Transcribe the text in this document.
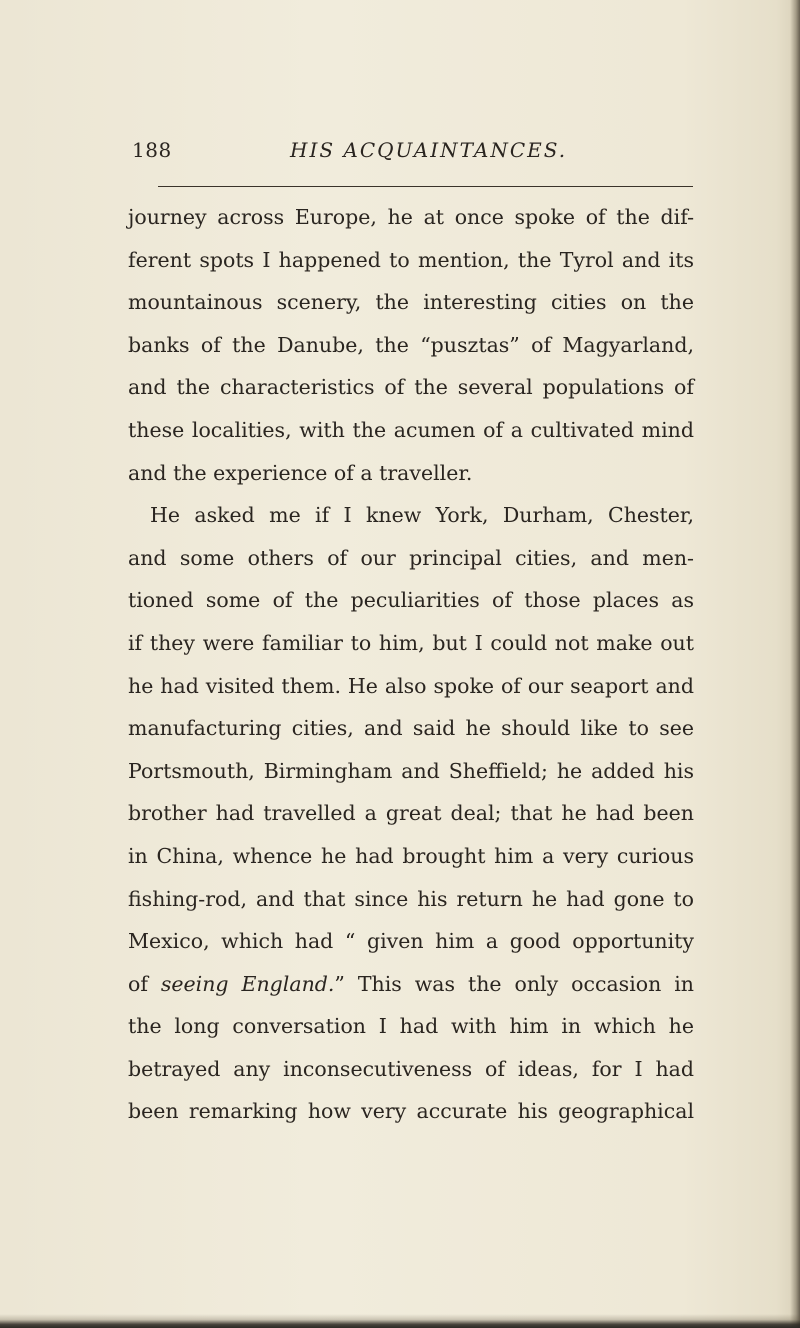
188	HIS ACQUAINTANCES.
journey across Europe, he at once spoke of the dif-
ferent spots I happened to mention, the Tyrol and its
mountainous scenery, the interesting cities on the
banks of the Danube, the “pusztas” of Magyarland,
and the characteristics of the several populations of
these localities, with the acumen of a cultivated mind
and the experience of a traveller.
He asked me if I knew York, Durham, Chester,
and some others of our principal cities, and men-
tioned some of the peculiarities of those places as
if they were familiar to him, but I could not make out
he had visited them. He also spoke of our seaport and
manufacturing cities, and said he should like to see
Portsmouth, Birmingham and Sheffield; he added his
brother had travelled a great deal; that he had been
in China, whence he had brought him a very curious
fishing-rod, and that since his return he had gone to
Mexico, which had “ given him a good opportunity
of seeing England.” This was the only occasion in
the long conversation I had with him in which he
betrayed any inconsecutiveness of ideas, for I had
been remarking how very accurate his geographical
